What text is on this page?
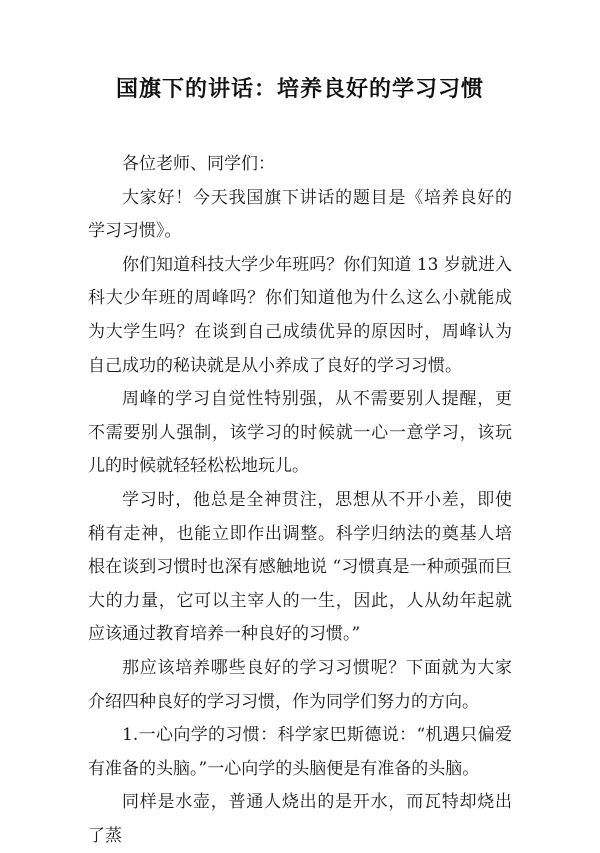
国旗下的讲话：培养良好的学习习惯

各位老师、同学们：

大家好！今天我国旗下讲话的题目是《培养良好的学习习惯》。

你们知道科技大学少年班吗？你们知道 13 岁就进入科大少年班的周峰吗？你们知道他为什么这么小就能成为大学生吗？在谈到自己成绩优异的原因时，周峰认为自己成功的秘诀就是从小养成了良好的学习习惯。

周峰的学习自觉性特别强，从不需要别人提醒，更不需要别人强制，该学习的时候就一心一意学习，该玩儿的时候就轻轻松松地玩儿。

学习时，他总是全神贯注，思想从不开小差，即使稍有走神，也能立即作出调整。科学归纳法的奠基人培根在谈到习惯时也深有感触地说 “习惯真是一种顽强而巨大的力量，它可以主宰人的一生，因此，人从幼年起就应该通过教育培养一种良好的习惯。”

那应该培养哪些良好的学习习惯呢？下面就为大家介绍四种良好的学习习惯，作为同学们努力的方向。

1.一心向学的习惯：科学家巴斯德说：“机遇只偏爱有准备的头脑。”一心向学的头脑便是有准备的头脑。

同样是水壶，普通人烧出的是开水，而瓦特却烧出了蒸
